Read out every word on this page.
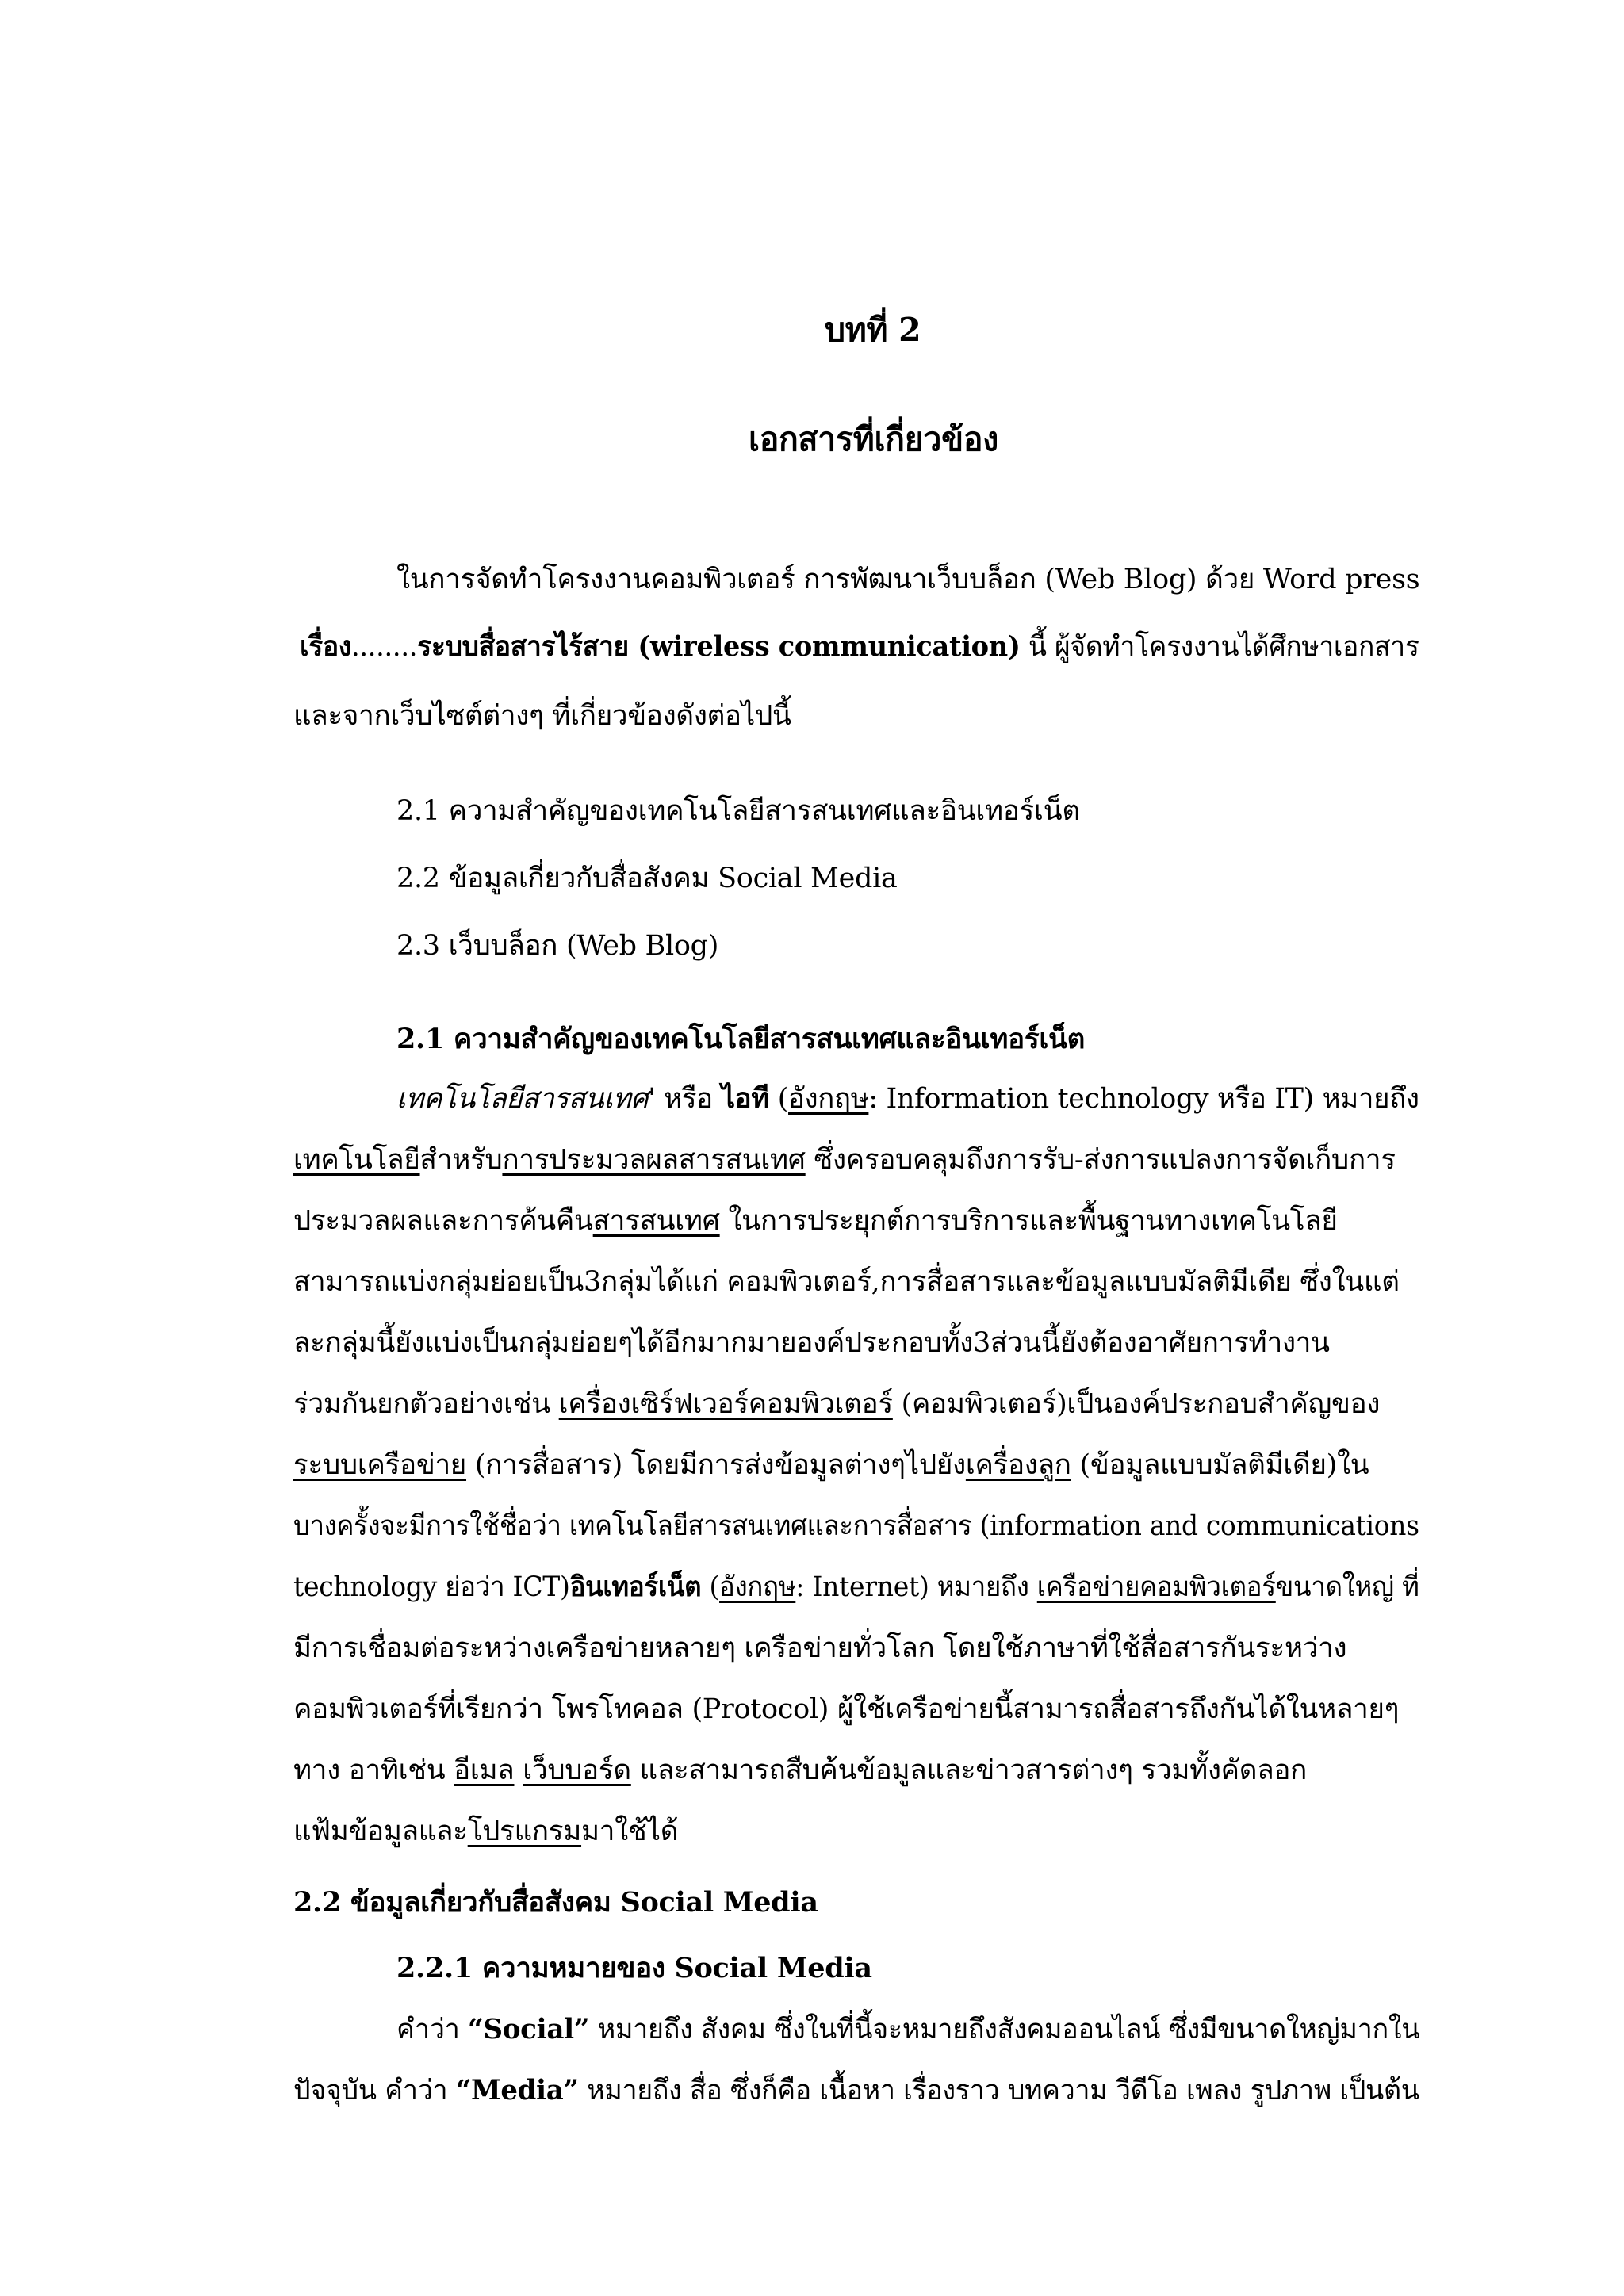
บทที่ 2
เอกสารที่เกี่ยวข้อง
ในการจัดทำโครงงานคอมพิวเตอร์ การพัฒนาเว็บบล็อก (Web Blog) ด้วย Word press
เรื่อง........ระบบสื่อสารไร้สาย (wireless communication) นี้ ผู้จัดทำโครงงานได้ศึกษาเอกสาร
และจากเว็บไซต์ต่างๆ ที่เกี่ยวข้องดังต่อไปนี้
2.1 ความสำคัญของเทคโนโลยีสารสนเทศและอินเทอร์เน็ต
2.2 ข้อมูลเกี่ยวกับสื่อสังคม Social Media
2.3 เว็บบล็อก (Web Blog)
2.1 ความสำคัญของเทคโนโลยีสารสนเทศและอินเทอร์เน็ต
เทคโนโลยีสารสนเทศ' หรือ ไอที (อังกฤษ: Information technology หรือ IT) หมายถึง
เทคโนโลยีสำหรับการประมวลผลสารสนเทศ ซึ่งครอบคลุมถึงการรับ-ส่งการแปลงการจัดเก็บการ
ประมวลผลและการค้นคืนสารสนเทศ ในการประยุกต์การบริการและพื้นฐานทางเทคโนโลยี
สามารถแบ่งกลุ่มย่อยเป็น3กลุ่มได้แก่ คอมพิวเตอร์,การสื่อสารและข้อมูลแบบมัลติมีเดีย ซึ่งในแต่
ละกลุ่มนี้ยังแบ่งเป็นกลุ่มย่อยๆได้อีกมากมายองค์ประกอบทั้ง3ส่วนนี้ยังต้องอาศัยการทำงาน
ร่วมกันยกตัวอย่างเช่น เครื่องเซิร์ฟเวอร์คอมพิวเตอร์ (คอมพิวเตอร์)เป็นองค์ประกอบสำคัญของ
ระบบเครือข่าย (การสื่อสาร) โดยมีการส่งข้อมูลต่างๆไปยังเครื่องลูก (ข้อมูลแบบมัลติมีเดีย)ใน
บางครั้งจะมีการใช้ชื่อว่า เทคโนโลยีสารสนเทศและการสื่อสาร (information and communications
technology ย่อว่า ICT)อินเทอร์เน็ต (อังกฤษ: Internet) หมายถึง เครือข่ายคอมพิวเตอร์ขนาดใหญ่ ที่
มีการเชื่อมต่อระหว่างเครือข่ายหลายๆ เครือข่ายทั่วโลก โดยใช้ภาษาที่ใช้สื่อสารกันระหว่าง
คอมพิวเตอร์ที่เรียกว่า โพรโทคอล (Protocol) ผู้ใช้เครือข่ายนี้สามารถสื่อสารถึงกันได้ในหลายๆ
ทาง อาทิเช่น อีเมล เว็บบอร์ด และสามารถสืบค้นข้อมูลและข่าวสารต่างๆ รวมทั้งคัดลอก
แฟ้มข้อมูลและโปรแกรมมาใช้ได้
2.2 ข้อมูลเกี่ยวกับสื่อสังคม Social Media
2.2.1 ความหมายของ Social Media
คำว่า “Social” หมายถึง สังคม ซึ่งในที่นี้จะหมายถึงสังคมออนไลน์ ซึ่งมีขนาดใหญ่มากใน
ปัจจุบัน คำว่า “Media” หมายถึง สื่อ ซึ่งก็คือ เนื้อหา เรื่องราว บทความ วีดีโอ เพลง รูปภาพ เป็นต้น
